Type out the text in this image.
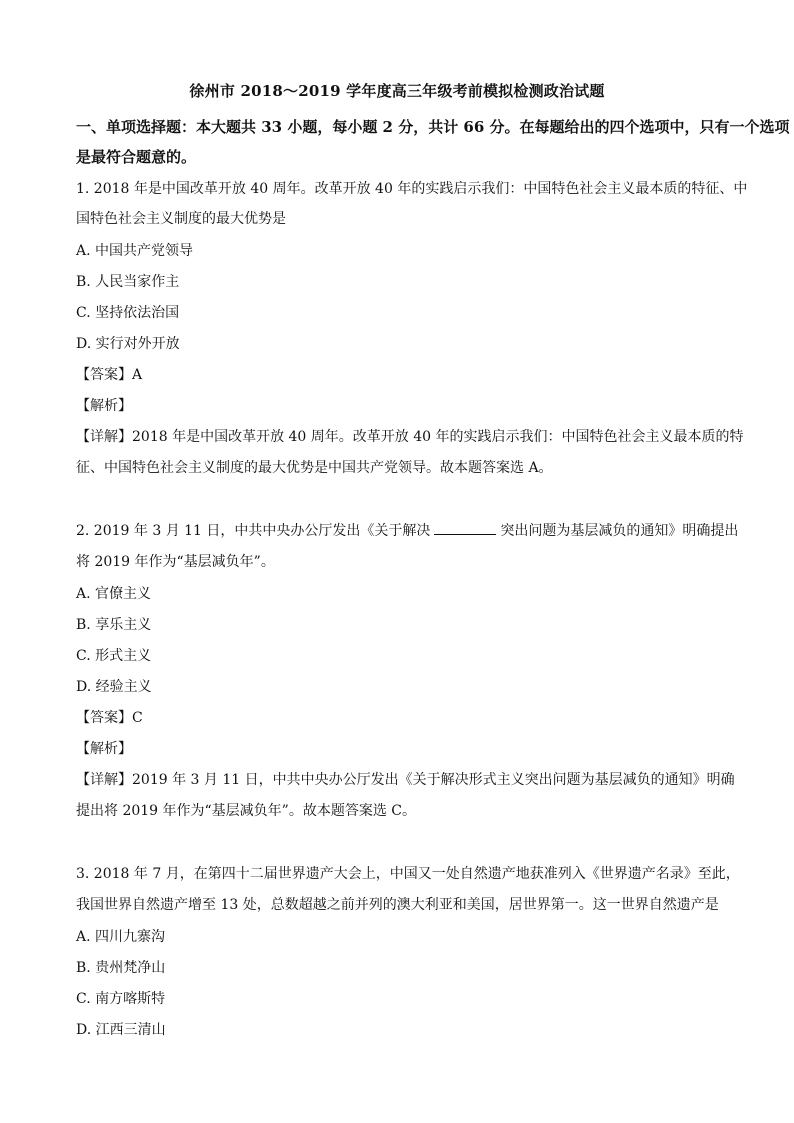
徐州市 2018～2019 学年度高三年级考前模拟检测政治试题
一、单项选择题：本大题共 33 小题，每小题 2 分，共计 66 分。在每题给出的四个选项中，只有一个选项
是最符合题意的。
1. 2018 年是中国改革开放 40 周年。改革开放 40 年的实践启示我们：中国特色社会主义最本质的特征、中
国特色社会主义制度的最大优势是
A. 中国共产党领导
B. 人民当家作主
C. 坚持依法治国
D. 实行对外开放
【答案】A
【解析】
【详解】2018 年是中国改革开放 40 周年。改革开放 40 年的实践启示我们：中国特色社会主义最本质的特
征、中国特色社会主义制度的最大优势是中国共产党领导。故本题答案选 A。
2. 2019 年 3 月 11 日，中共中央办公厅发出《关于解决	突出问题为基层减负的通知》明确提出
将 2019 年作为“基层减负年”。
A. 官僚主义
B. 享乐主义
C. 形式主义
D. 经验主义
【答案】C
【解析】
【详解】2019 年 3 月 11 日，中共中央办公厅发出《关于解决形式主义突出问题为基层减负的通知》明确
提出将 2019 年作为“基层减负年”。故本题答案选 C。
3. 2018 年 7 月，在第四十二届世界遗产大会上，中国又一处自然遗产地获准列入《世界遗产名录》至此，
我国世界自然遗产增至 13 处，总数超越之前并列的澳大利亚和美国，居世界第一。这一世界自然遗产是
A. 四川九寨沟
B. 贵州梵净山
C. 南方喀斯特
D. 江西三清山
